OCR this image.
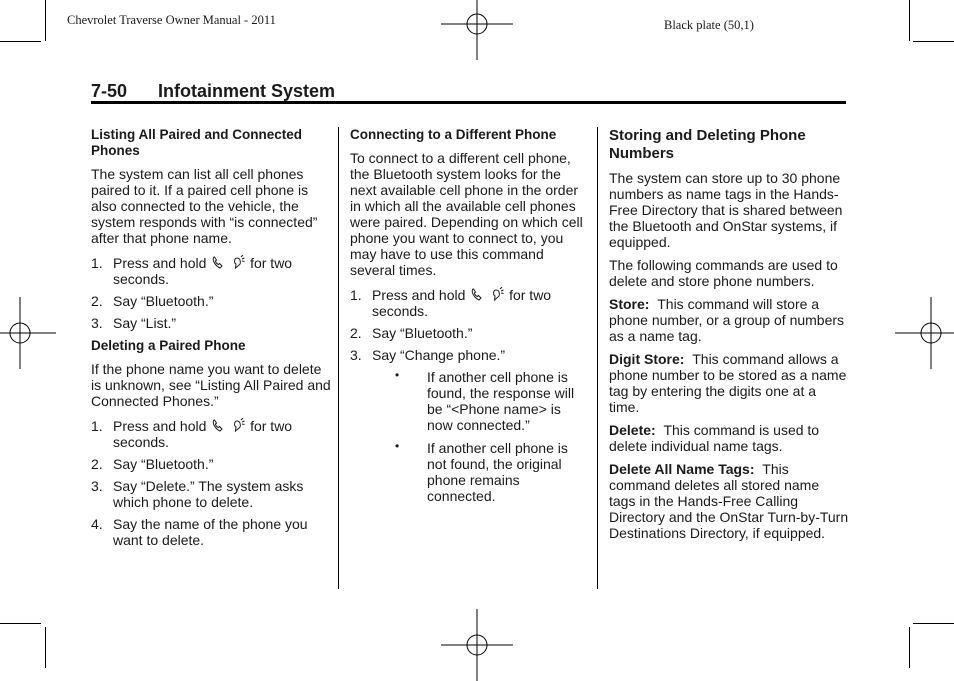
Chevrolet Traverse Owner Manual - 2011	Black plate (50,1)
7-50 Infotainment System
Listing All Paired and Connected Phones

The system can list all cell phones paired to it. If a paired cell phone is also connected to the vehicle, the system responds with “is connected” after that phone name.

1. Press and hold	for two seconds.
2. Say “Bluetooth.”
3. Say “List.”
Deleting a Paired Phone

If the phone name you want to delete is unknown, see “Listing All Paired and Connected Phones.”

1. Press and hold	for two seconds.
2. Say “Bluetooth.”
3. Say “Delete.” The system asks which phone to delete.
4. Say the name of the phone you want to delete.
Connecting to a Different Phone

To connect to a different cell phone, the Bluetooth system looks for the next available cell phone in the order in which all the available cell phones were paired. Depending on which cell phone you want to connect to, you may have to use this command several times.

1. Press and hold	for two seconds.
2. Say “Bluetooth.”
3. Say “Change phone.”
• If another cell phone is found, the response will be “<Phone name> is now connected.”
• If another cell phone is not found, the original phone remains connected.
Storing and Deleting Phone Numbers

The system can store up to 30 phone numbers as name tags in the Hands-Free Directory that is shared between the Bluetooth and OnStar systems, if equipped.

The following commands are used to delete and store phone numbers.

Store: This command will store a phone number, or a group of numbers as a name tag.

Digit Store: This command allows a phone number to be stored as a name tag by entering the digits one at a time.

Delete: This command is used to delete individual name tags.

Delete All Name Tags: This command deletes all stored name tags in the Hands-Free Calling Directory and the OnStar Turn-by-Turn Destinations Directory, if equipped.
